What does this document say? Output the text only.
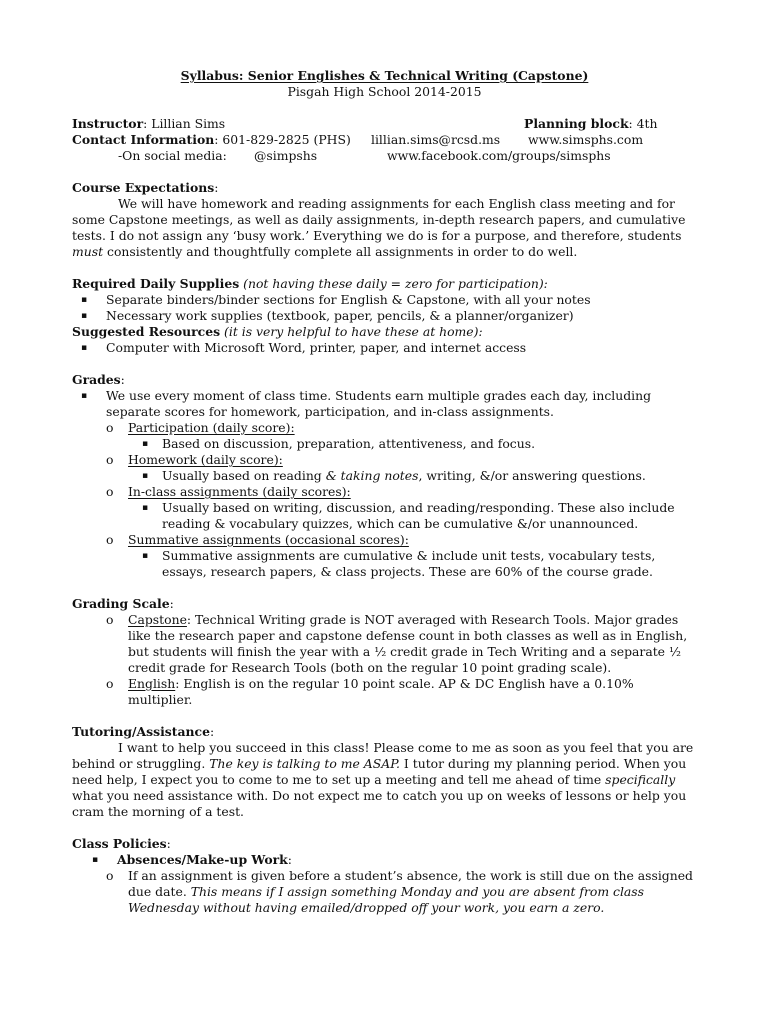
Syllabus: Senior Englishes & Technical Writing (Capstone)
Pisgah High School 2014-2015
Instructor: Lillian Sims	Planning block: 4th
Contact Information: 601-829-2825 (PHS)	lillian.sims@rcsd.ms	www.simsphs.com
-On social media:	@simpshs	www.facebook.com/groups/simsphs
Course Expectations:
We will have homework and reading assignments for each English class meeting and for some Capstone meetings, as well as daily assignments, in-depth research papers, and cumulative tests. I do not assign any ‘busy work.’ Everything we do is for a purpose, and therefore, students must consistently and thoughtfully complete all assignments in order to do well.
Required Daily Supplies (not having these daily = zero for participation):
▪ Separate binders/binder sections for English & Capstone, with all your notes
▪ Necessary work supplies (textbook, paper, pencils, & a planner/organizer)
Suggested Resources (it is very helpful to have these at home):
▪ Computer with Microsoft Word, printer, paper, and internet access
Grades:
▪ We use every moment of class time. Students earn multiple grades each day, including separate scores for homework, participation, and in-class assignments.
o Participation (daily score):
▪ Based on discussion, preparation, attentiveness, and focus.
o Homework (daily score):
▪ Usually based on reading & taking notes, writing, &/or answering questions.
o In-class assignments (daily scores):
▪ Usually based on writing, discussion, and reading/responding. These also include reading & vocabulary quizzes, which can be cumulative &/or unannounced.
o Summative assignments (occasional scores):
▪ Summative assignments are cumulative & include unit tests, vocabulary tests, essays, research papers, & class projects. These are 60% of the course grade.
Grading Scale:
o Capstone: Technical Writing grade is NOT averaged with Research Tools. Major grades like the research paper and capstone defense count in both classes as well as in English, but students will finish the year with a ½ credit grade in Tech Writing and a separate ½ credit grade for Research Tools (both on the regular 10 point grading scale).
o English: English is on the regular 10 point scale. AP & DC English have a 0.10% multiplier.
Tutoring/Assistance:
I want to help you succeed in this class! Please come to me as soon as you feel that you are behind or struggling. The key is talking to me ASAP. I tutor during my planning period. When you need help, I expect you to come to me to set up a meeting and tell me ahead of time specifically what you need assistance with. Do not expect me to catch you up on weeks of lessons or help you cram the morning of a test.
Class Policies:
▪ Absences/Make-up Work:
o If an assignment is given before a student’s absence, the work is still due on the assigned due date. This means if I assign something Monday and you are absent from class Wednesday without having emailed/dropped off your work, you earn a zero.
